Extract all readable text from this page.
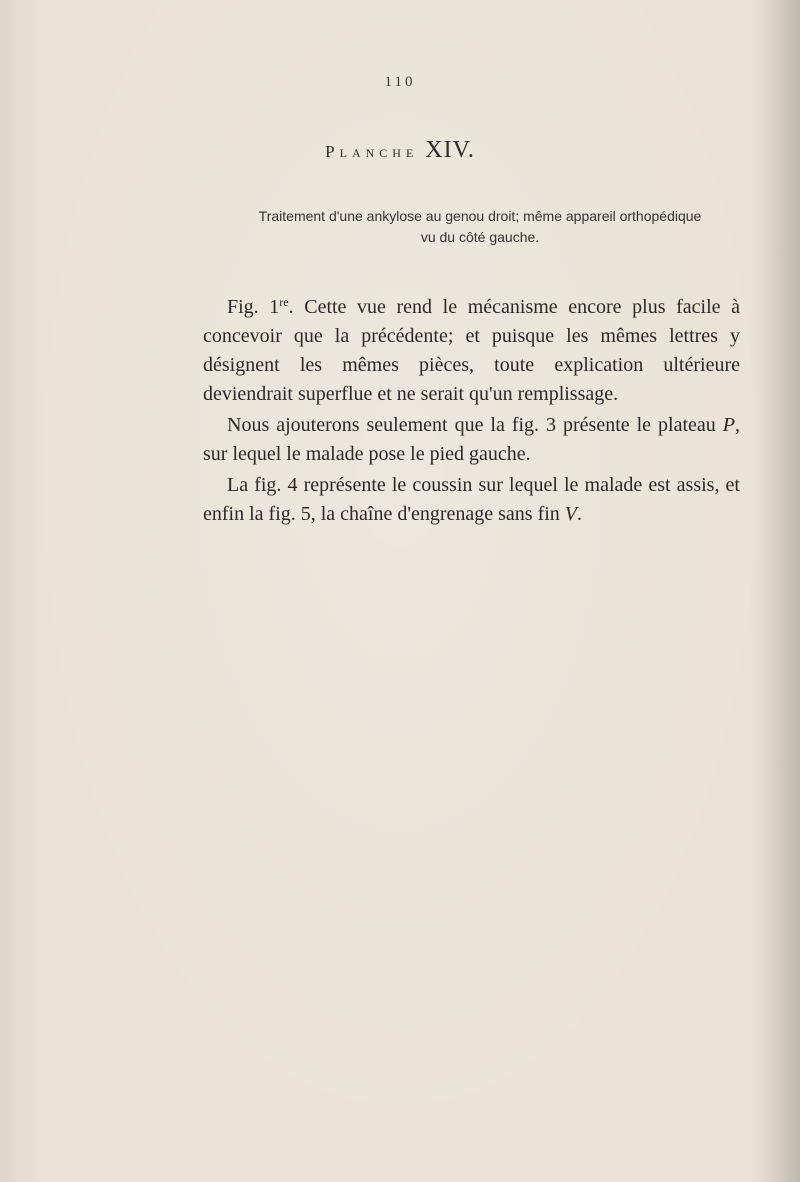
110
Planche XIV.
Traitement d'une ankylose au genou droit; même appareil orthopédique
vu du côté gauche.

Fig. 1re. Cette vue rend le mécanisme encore plus facile à concevoir que la précédente; et puisque les mêmes lettres y désignent les mêmes pièces, toute explication ultérieure deviendrait superflue et ne serait qu'un remplissage.

Nous ajouterons seulement que la fig. 3 présente le plateau P, sur lequel le malade pose le pied gauche.

La fig. 4 représente le coussin sur lequel le malade est assis, et enfin la fig. 5, la chaîne d'engrenage sans fin V.
